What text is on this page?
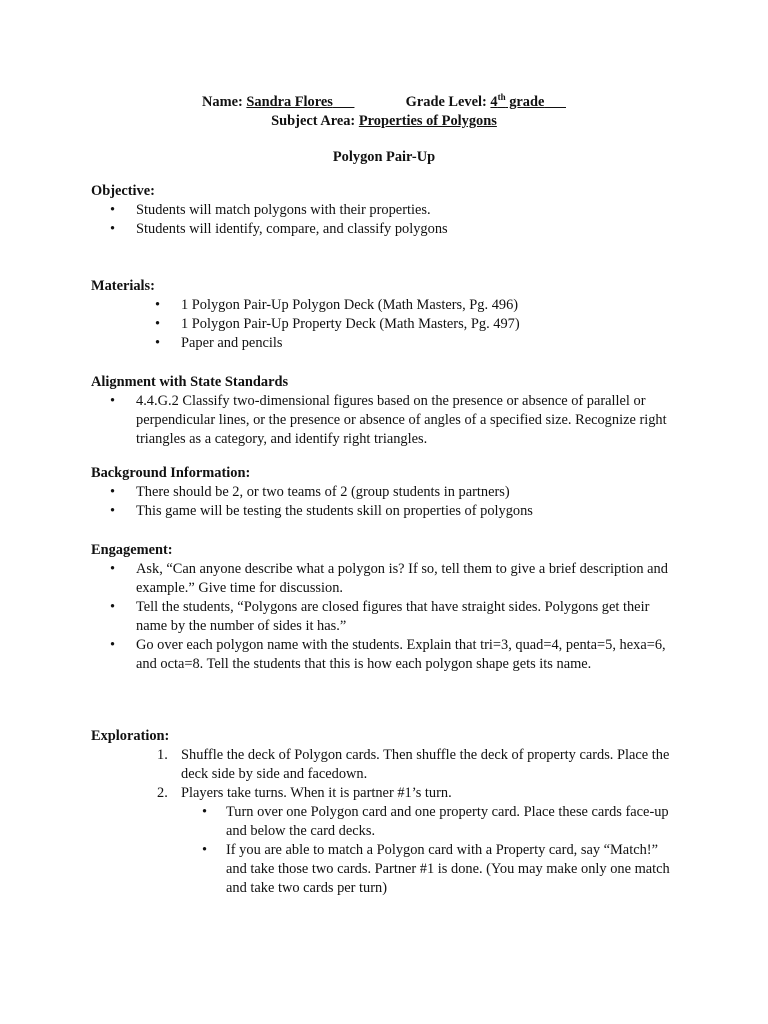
Name: Sandra Flores	Grade Level: 4th grade
Subject Area: Properties of Polygons
Polygon Pair-Up

Objective:

• Students will match polygons with their properties.
• Students will identify, compare, and classify polygons

Materials:

• 1 Polygon Pair-Up Polygon Deck (Math Masters, Pg. 496)
• 1 Polygon Pair-Up Property Deck (Math Masters, Pg. 497)
• Paper and pencils

Alignment with State Standards

• 4.4.G.2 Classify two-dimensional figures based on the presence or absence of parallel or perpendicular lines, or the presence or absence of angles of a specified size. Recognize right triangles as a category, and identify right triangles.

Background Information:

• There should be 2, or two teams of 2 (group students in partners)
• This game will be testing the students skill on properties of polygons

Engagement:

• Ask, “Can anyone describe what a polygon is? If so, tell them to give a brief description and example.” Give time for discussion.
• Tell the students, “Polygons are closed figures that have straight sides. Polygons get their name by the number of sides it has.”
• Go over each polygon name with the students. Explain that tri=3, quad=4, penta=5, hexa=6, and octa=8. Tell the students that this is how each polygon shape gets its name.

Exploration:

1. Shuffle the deck of Polygon cards. Then shuffle the deck of property cards. Place the deck side by side and facedown.
2. Players take turns. When it is partner #1’s turn.
• Turn over one Polygon card and one property card. Place these cards face-up and below the card decks.
• If you are able to match a Polygon card with a Property card, say “Match!” and take those two cards. Partner #1 is done. (You may make only one match and take two cards per turn)
